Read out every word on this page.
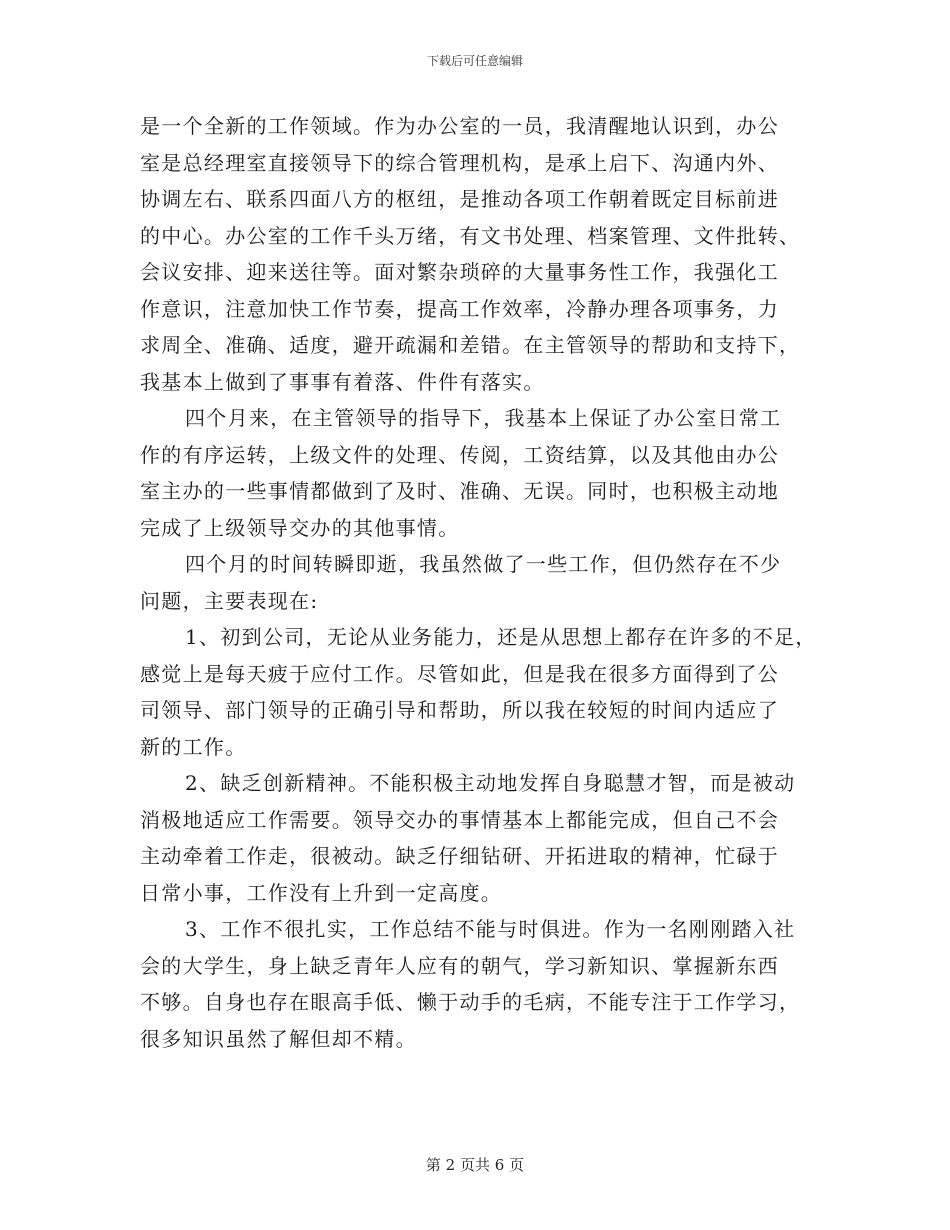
下载后可任意编辑
是一个全新的工作领域。作为办公室的一员，我清醒地认识到，办公
室是总经理室直接领导下的综合管理机构，是承上启下、沟通内外、
协调左右、联系四面八方的枢纽，是推动各项工作朝着既定目标前进
的中心。办公室的工作千头万绪，有文书处理、档案管理、文件批转、
会议安排、迎来送往等。面对繁杂琐碎的大量事务性工作，我强化工
作意识，注意加快工作节奏，提高工作效率，冷静办理各项事务，力
求周全、准确、适度，避开疏漏和差错。在主管领导的帮助和支持下，
我基本上做到了事事有着落、件件有落实。
四个月来，在主管领导的指导下，我基本上保证了办公室日常工
作的有序运转，上级文件的处理、传阅，工资结算，以及其他由办公
室主办的一些事情都做到了及时、准确、无误。同时，也积极主动地
完成了上级领导交办的其他事情。
四个月的时间转瞬即逝，我虽然做了一些工作，但仍然存在不少
问题，主要表现在:
1、初到公司，无论从业务能力，还是从思想上都存在许多的不足，
感觉上是每天疲于应付工作。尽管如此，但是我在很多方面得到了公
司领导、部门领导的正确引导和帮助，所以我在较短的时间内适应了
新的工作。
2、缺乏创新精神。不能积极主动地发挥自身聪慧才智，而是被动
消极地适应工作需要。领导交办的事情基本上都能完成，但自己不会
主动牵着工作走，很被动。缺乏仔细钻研、开拓进取的精神，忙碌于
日常小事，工作没有上升到一定高度。
3、工作不很扎实，工作总结不能与时俱进。作为一名刚刚踏入社
会的大学生，身上缺乏青年人应有的朝气，学习新知识、掌握新东西
不够。自身也存在眼高手低、懒于动手的毛病，不能专注于工作学习，
很多知识虽然了解但却不精。
第 2 页共 6 页
